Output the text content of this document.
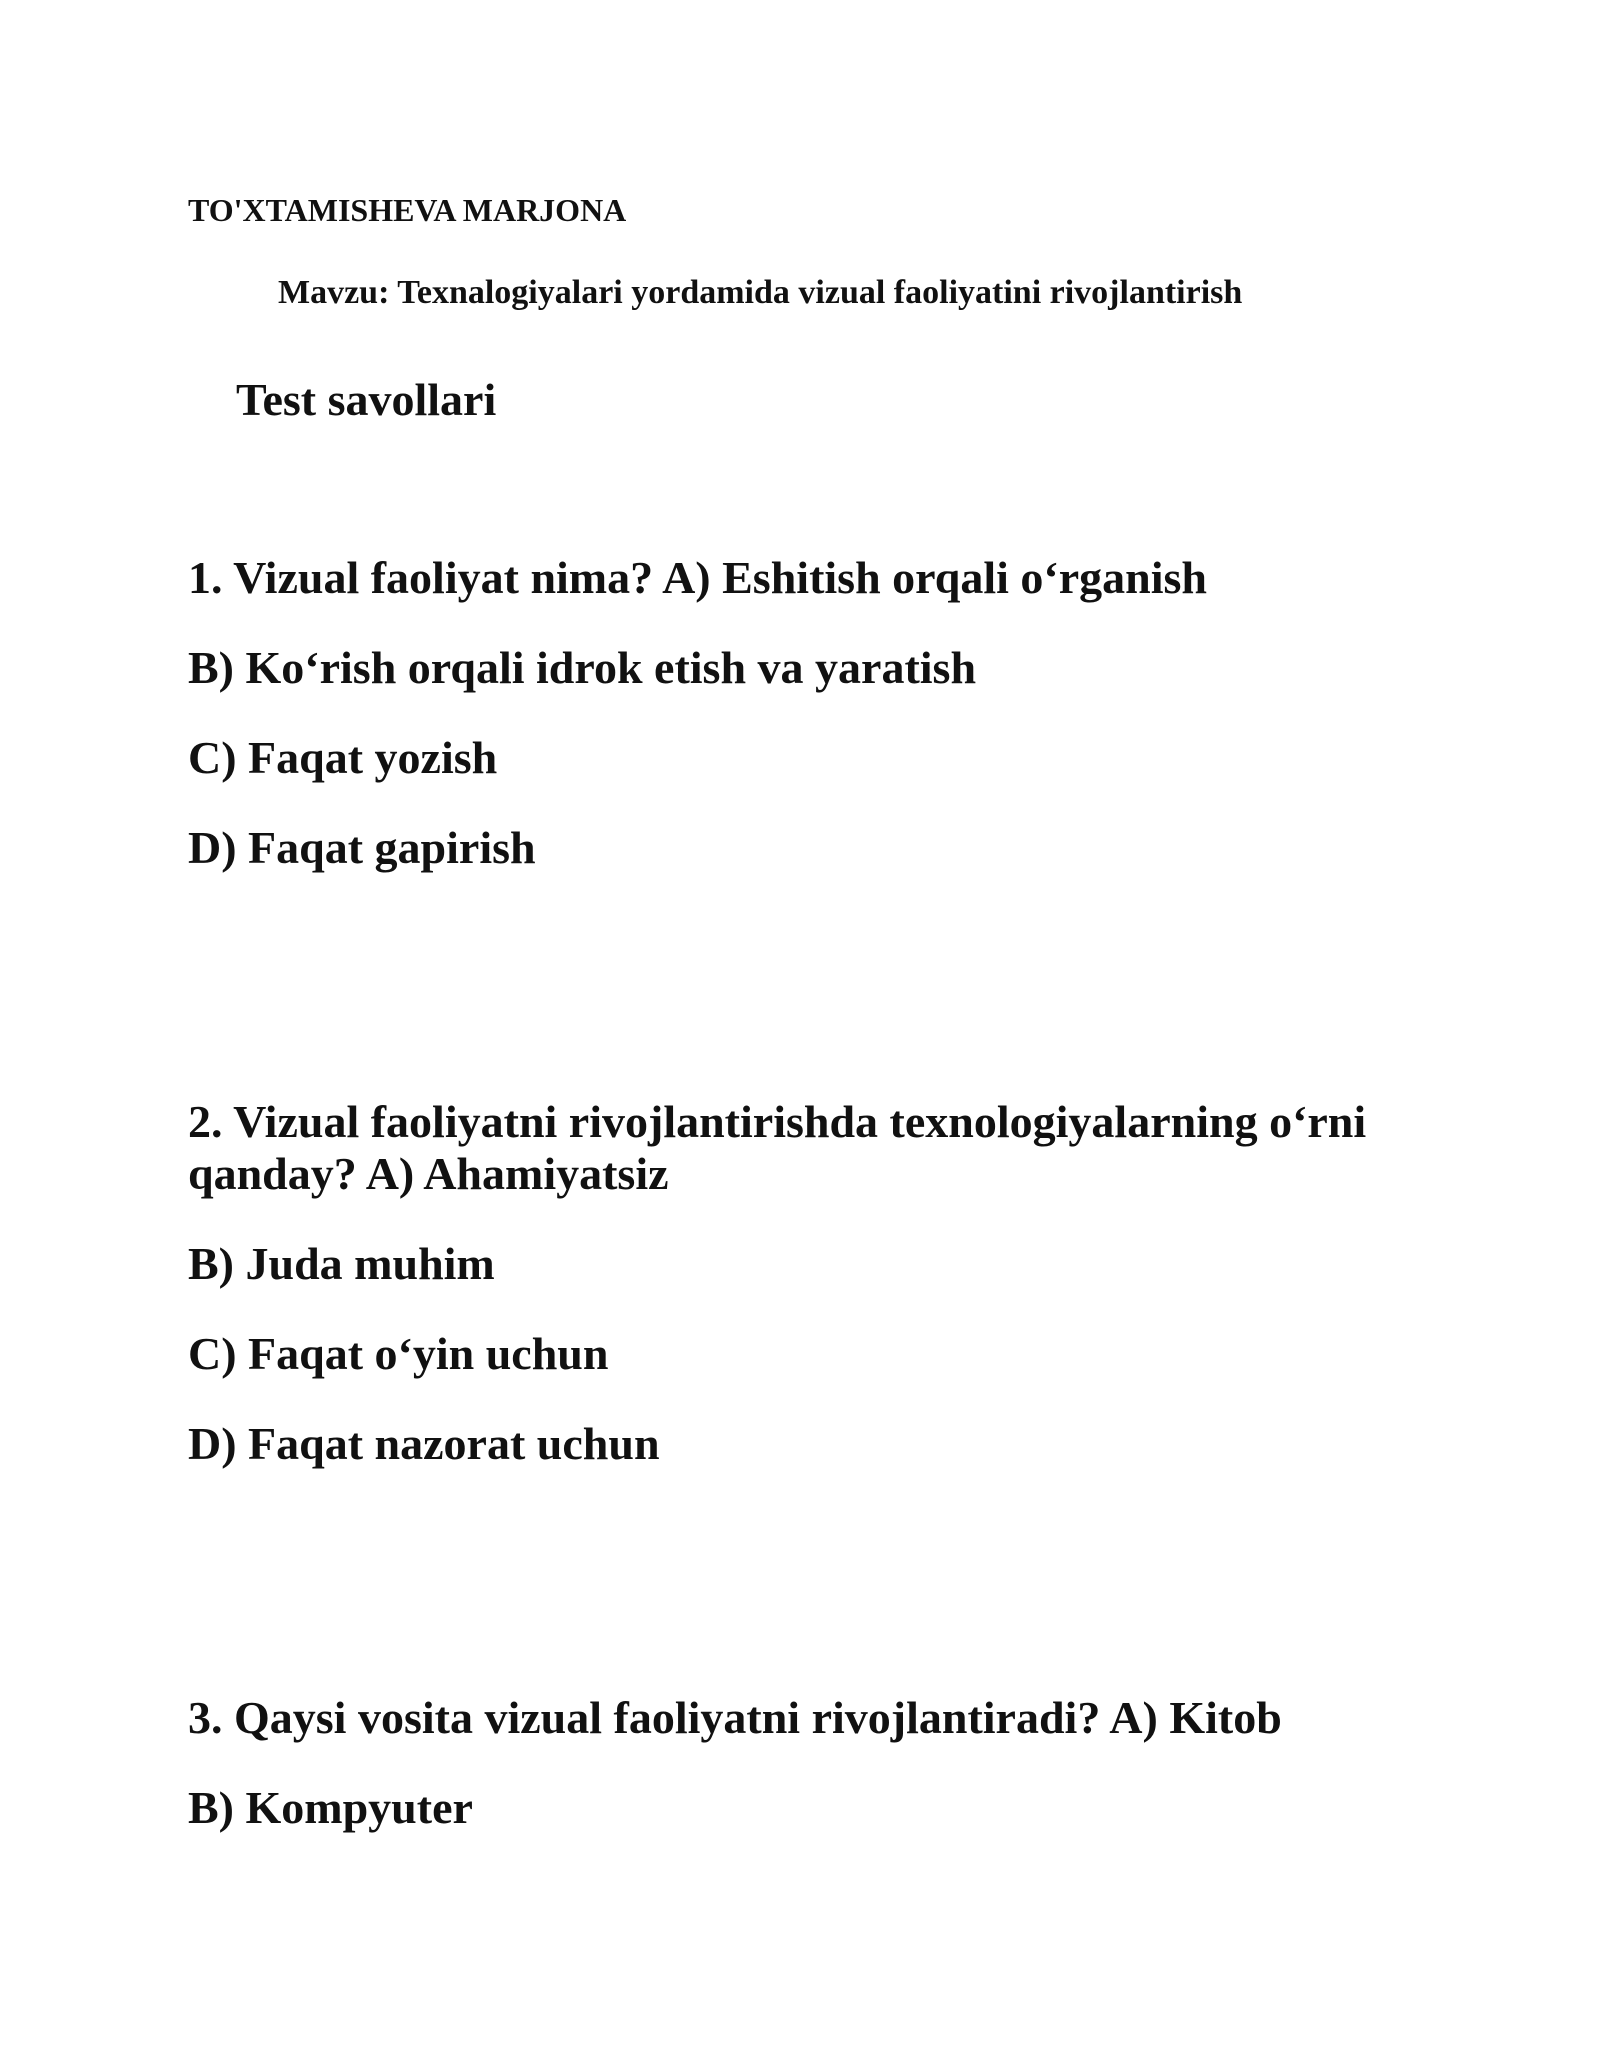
TO'XTAMISHEVA MARJONA
Mavzu: Texnalogiyalari yordamida vizual faoliyatini rivojlantirish
Test savollari

1. Vizual faoliyat nima? A) Eshitish orqali o‘rganish

B) Ko‘rish orqali idrok etish va yaratish

C) Faqat yozish

D) Faqat gapirish

2. Vizual faoliyatni rivojlantirishda texnologiyalarning o‘rni qanday? A) Ahamiyatsiz

B) Juda muhim

C) Faqat o‘yin uchun

D) Faqat nazorat uchun

3. Qaysi vosita vizual faoliyatni rivojlantiradi? A) Kitob

B) Kompyuter
